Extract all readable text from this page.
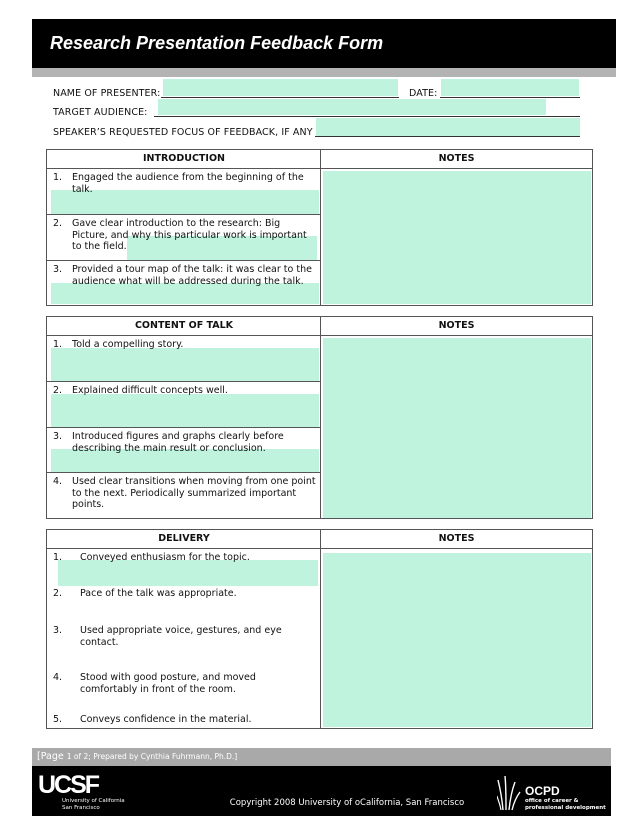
Research Presentation Feedback Form
NAME OF PRESENTER:	DATE:
TARGET AUDIENCE:
SPEAKER’S REQUESTED FOCUS OF FEEDBACK, IF ANY
INTRODUCTION	NOTES
1. Engaged the audience from the beginning of the talk.
2. Gave clear introduction to the research: Big Picture, and why this particular work is important to the field.
3. Provided a tour map of the talk: it was clear to the audience what will be addressed during the talk.
CONTENT OF TALK	NOTES
1. Told a compelling story.
2. Explained difficult concepts well.
3. Introduced figures and graphs clearly before describing the main result or conclusion.
4. Used clear transitions when moving from one point to the next. Periodically summarized important points.
DELIVERY	NOTES
1. Conveyed enthusiasm for the topic.
2. Pace of the talk was appropriate.
3. Used appropriate voice, gestures, and eye contact.
4. Stood with good posture, and moved comfortably in front of the room.
5. Conveys confidence in the material.
[Page 1 of 2; Prepared by Cynthia Fuhrmann, Ph.D.]
UCSF
University of California
San Francisco	Copyright 2008 University of oCalifornia, San Francisco
OCPD
office of career &
professional development
